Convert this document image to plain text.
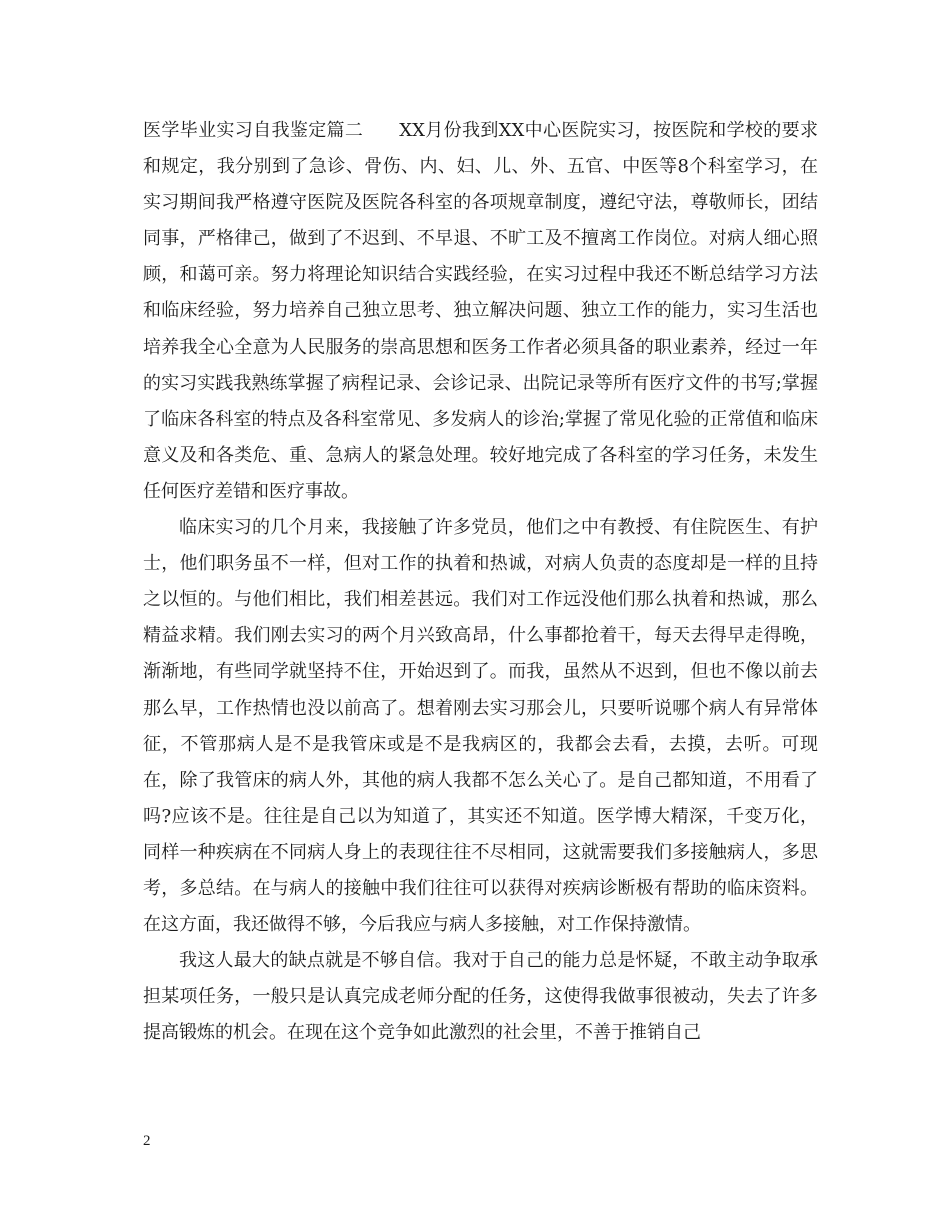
医学毕业实习自我鉴定篇二 XX月份我到XX中心医院实习，按医院和学校的要求和规定，我分别到了急诊、骨伤、内、妇、儿、外、五官、中医等8个科室学习，在实习期间我严格遵守医院及医院各科室的各项规章制度，遵纪守法，尊敬师长，团结同事，严格律己，做到了不迟到、不早退、不旷工及不擅离工作岗位。对病人细心照顾，和蔼可亲。努力将理论知识结合实践经验，在实习过程中我还不断总结学习方法和临床经验，努力培养自己独立思考、独立解决问题、独立工作的能力，实习生活也培养我全心全意为人民服务的崇高思想和医务工作者必须具备的职业素养，经过一年的实习实践我熟练掌握了病程记录、会诊记录、出院记录等所有医疗文件的书写;掌握了临床各科室的特点及各科室常见、多发病人的诊治;掌握了常见化验的正常值和临床意义及和各类危、重、急病人的紧急处理。较好地完成了各科室的学习任务，未发生任何医疗差错和医疗事故。

临床实习的几个月来，我接触了许多党员，他们之中有教授、有住院医生、有护士，他们职务虽不一样，但对工作的执着和热诚，对病人负责的态度却是一样的且持之以恒的。与他们相比，我们相差甚远。我们对工作远没他们那么执着和热诚，那么精益求精。我们刚去实习的两个月兴致高昂，什么事都抢着干，每天去得早走得晚，渐渐地，有些同学就坚持不住，开始迟到了。而我，虽然从不迟到，但也不像以前去那么早，工作热情也没以前高了。想着刚去实习那会儿，只要听说哪个病人有异常体征，不管那病人是不是我管床或是不是我病区的，我都会去看，去摸，去听。可现在，除了我管床的病人外，其他的病人我都不怎么关心了。是自己都知道，不用看了吗?应该不是。往往是自己以为知道了，其实还不知道。医学博大精深，千变万化，同样一种疾病在不同病人身上的表现往往不尽相同，这就需要我们多接触病人，多思考，多总结。在与病人的接触中我们往往可以获得对疾病诊断极有帮助的临床资料。在这方面，我还做得不够，今后我应与病人多接触，对工作保持激情。

我这人最大的缺点就是不够自信。我对于自己的能力总是怀疑，不敢主动争取承担某项任务，一般只是认真完成老师分配的任务，这使得我做事很被动，失去了许多提高锻炼的机会。在现在这个竞争如此激烈的社会里，不善于推销自己

2
